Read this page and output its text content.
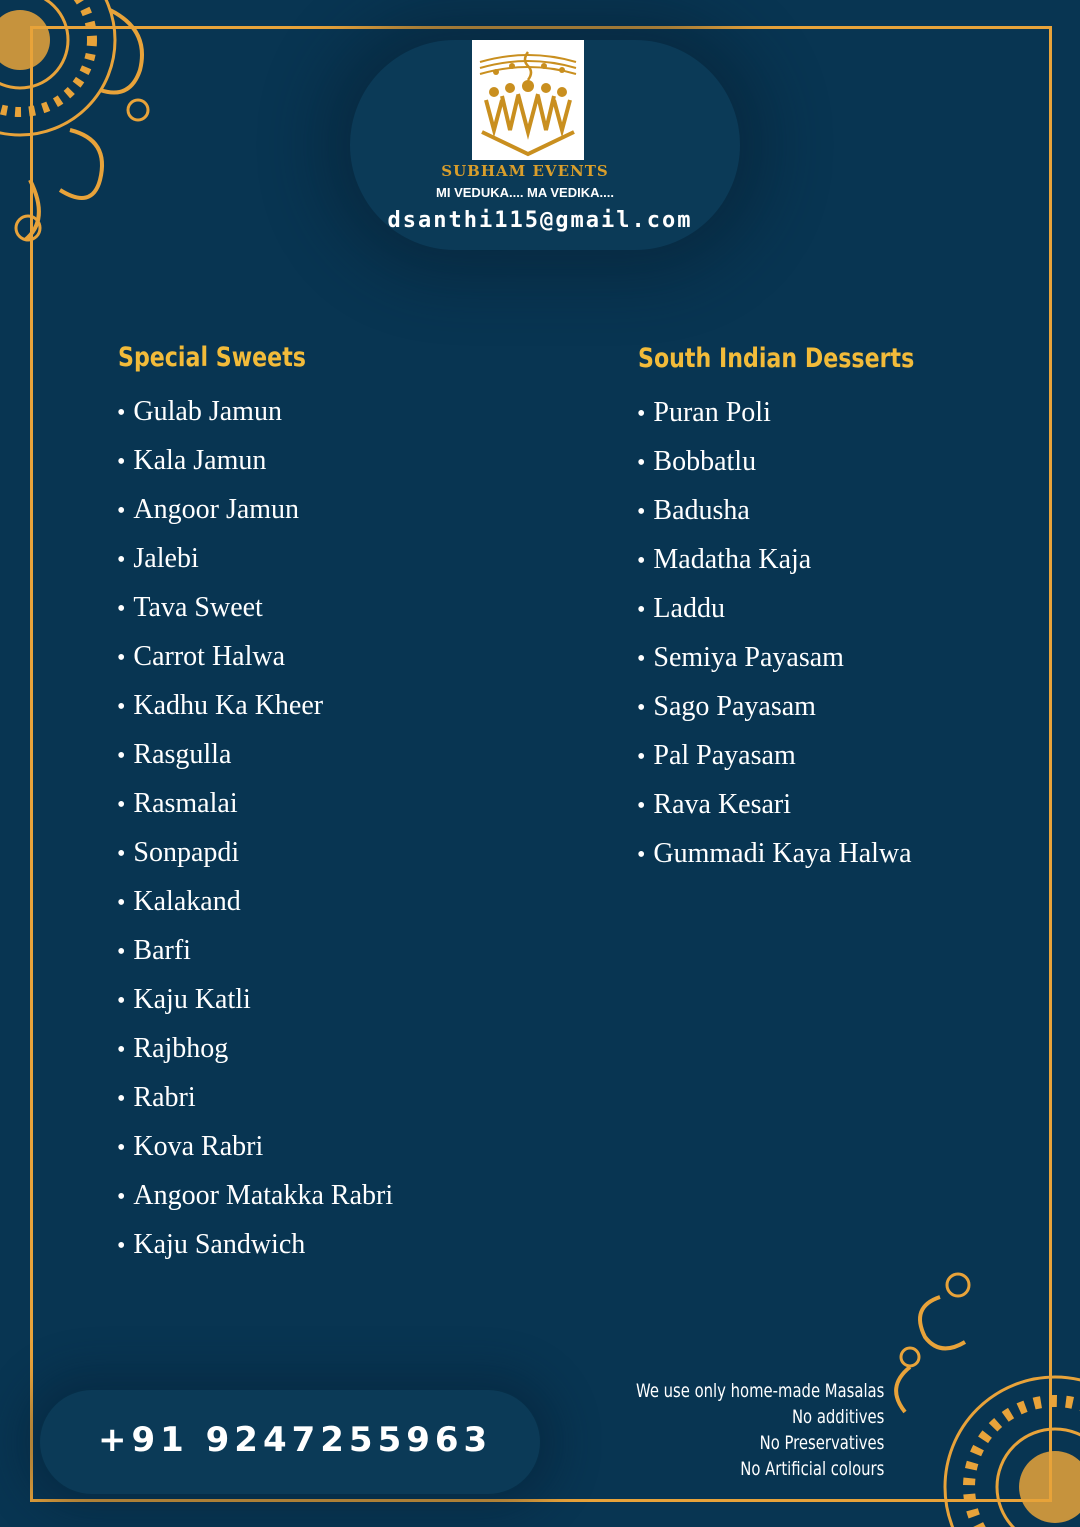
SUBHAM EVENTS
MI VEDUKA.... MA VEDIKA....
dsanthi115@gmail.com
Special Sweets
• Gulab Jamun
• Kala Jamun
• Angoor Jamun
• Jalebi
• Tava Sweet
• Carrot Halwa
• Kadhu Ka Kheer
• Rasgulla
• Rasmalai
• Sonpapdi
• Kalakand
• Barfi
• Kaju Katli
• Rajbhog
• Rabri
• Kova Rabri
• Angoor Matakka Rabri
• Kaju Sandwich
South Indian Desserts
• Puran Poli
• Bobbatlu
• Badusha
• Madatha Kaja
• Laddu
• Semiya Payasam
• Sago Payasam
• Pal Payasam
• Rava Kesari
• Gummadi Kaya Halwa
+91 9247255963
We use only home-made Masalas
No additives
No Preservatives
No Artificial colours
